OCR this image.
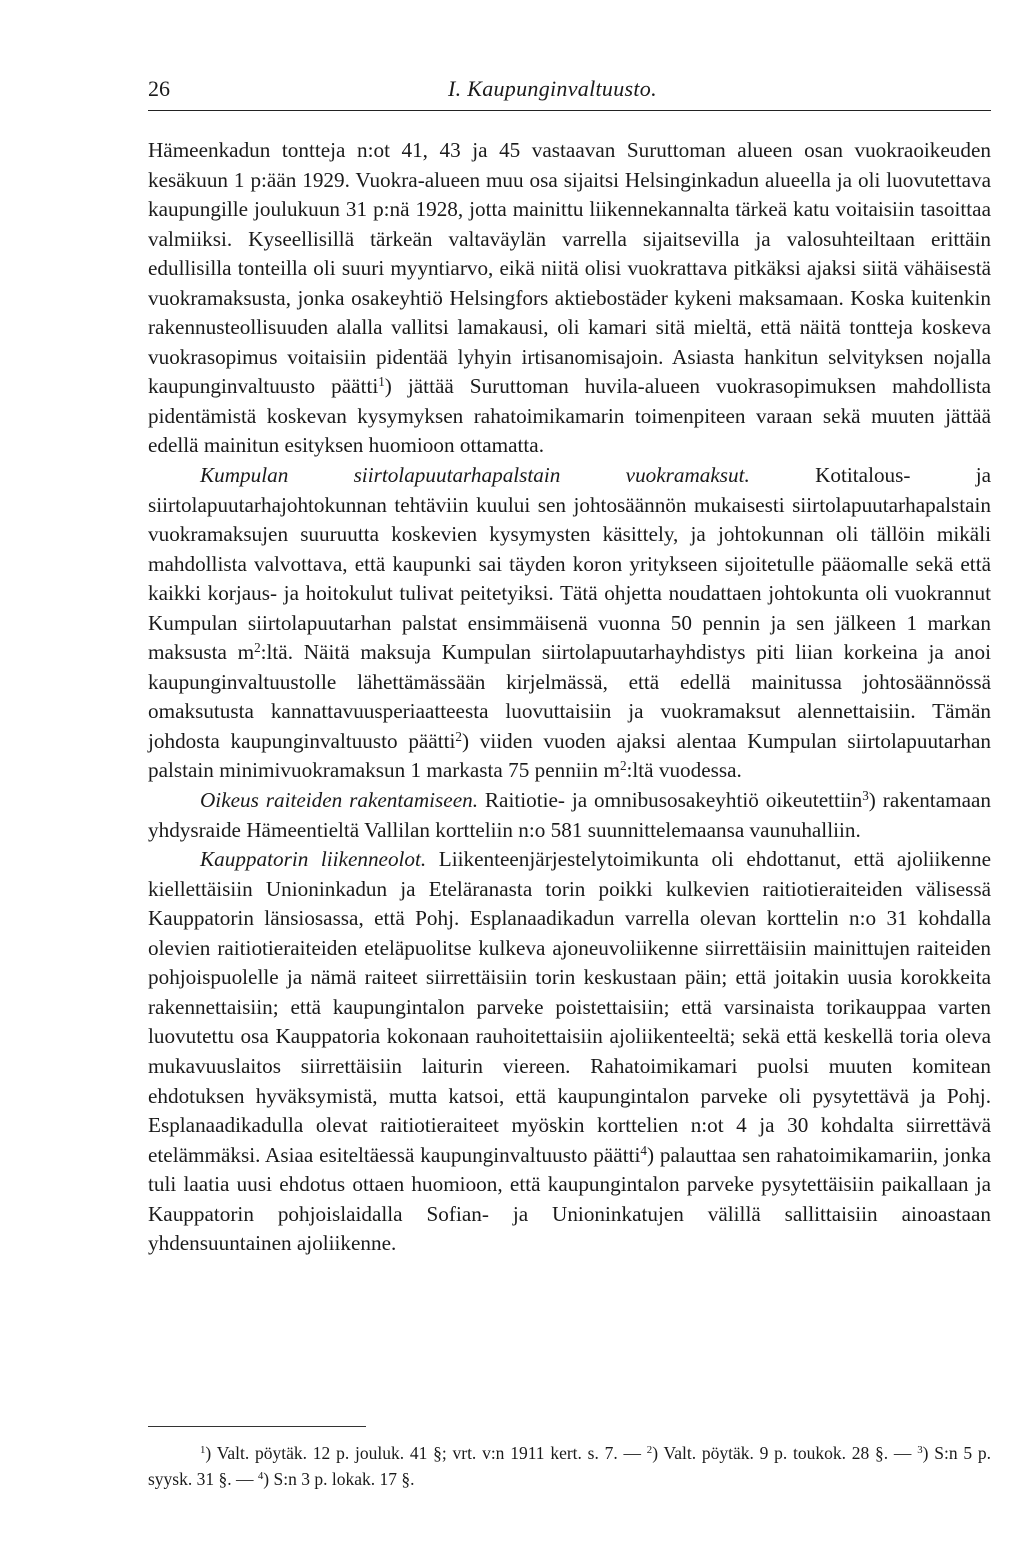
26	I. Kaupunginvaltuusto.

Hämeenkadun tontteja n:ot 41, 43 ja 45 vastaavan Suruttoman alueen osan vuokraoikeuden kesäkuun 1 p:ään 1929. Vuokra-alueen muu osa sijaitsi Helsinginkadun alueella ja oli luovutettava kaupungille joulukuun 31 p:nä 1928, jotta mainittu liikennekannalta tärkeä katu voitaisiin tasoittaa valmiiksi. Kyseellisillä tärkeän valtaväylän varrella sijaitsevilla ja valosuhteiltaan erittäin edullisilla tonteilla oli suuri myyntiarvo, eikä niitä olisi vuokrattava pitkäksi ajaksi siitä vähäisestä vuokramaksusta, jonka osakeyhtiö Helsingfors aktiebostäder kykeni maksamaan. Koska kuitenkin rakennusteollisuuden alalla vallitsi lamakausi, oli kamari sitä mieltä, että näitä tontteja koskeva vuokrasopimus voitaisiin pidentää lyhyin irtisanomisajoin. Asiasta hankitun selvityksen nojalla kaupunginvaltuusto päätti$^1$) jättää Suruttoman huvila-alueen vuokrasopimuksen mahdollista pidentämistä koskevan kysymyksen rahatoimikamarin toimenpiteen varaan sekä muuten jättää edellä mainitun esityksen huomioon ottamatta.

Kumpulan siirtolapuutarhapalstain vuokramaksut. Kotitalous- ja siirtolapuutarhajohtokunnan tehtäviin kuului sen johtosäännön mukaisesti siirtolapuutarhapalstain vuokramaksujen suuruutta koskevien kysymysten käsittely, ja johtokunnan oli tällöin mikäli mahdollista valvottava, että kaupunki sai täyden koron yritykseen sijoitetulle pääomalle sekä että kaikki korjaus- ja hoitokulut tulivat peitetyiksi. Tätä ohjetta noudattaen johtokunta oli vuokrannut Kumpulan siirtolapuutarhan palstat ensimmäisenä vuonna 50 pennin ja sen jälkeen 1 markan maksusta $m^2:ltä$. Näitä maksuja Kumpulan siirtolapuutarhayhdistys piti liian korkeina ja anoi kaupunginvaltuustolle lähettämässään kirjelmässä, että edellä mainitussa johtosäännössä omaksutusta kannattavuusperiaatteesta luovuttaisiin ja vuokramaksut alennettaisiin. Tämän johdosta kaupunginvaltuusto päätti$^2$) viiden vuoden ajaksi alentaa Kumpulan siirtolapuutarhan palstain minimivuokramaksun 1 markasta 75 penniin $m^2:ltä$ vuodessa.

Oikeus raiteiden rakentamiseen. Raitiotie- ja omnibusosakeyhtiö oikeutettiin$^3$) rakentamaan yhdysraide Hämeentieltä Vallilan kortteliin n:o 581 suunnittelemaansa vaunuhalliin.

Kauppatorin liikenneolot. Liikenteenjärjestelytoimikunta oli ehdottanut, että ajoliikenne kiellettäisiin Unioninkadun ja Eteläranasta torin poikki kulkevien raitiotieraiteiden välisessä Kauppatorin länsiosassa, että Pohj. Esplanaadikadun varrella olevan korttelin n:o 31 kohdalla olevien raitiotieraiteiden eteläpuolitse kulkeva ajoneuvoliikenne siirrettäisiin mainittujen raiteiden pohjoispuolelle ja nämä raiteet siirrettäisiin torin keskustaan päin; että joitakin uusia korokkeita rakennettaisiin; että kaupungintalon parveke poistettaisiin; että varsinaista torikauppaa varten luovutettu osa Kauppatoria kokonaan rauhoitettaisiin ajoliikenteeltä; sekä että keskellä toria oleva mukavuuslaitos siirrettäisiin laiturin viereen. Rahatoimikamari puolsi muuten komitean ehdotuksen hyväksymistä, mutta katsoi, että kaupungintalon parveke oli pysytettävä ja Pohj. Esplanaadikadulla olevat raitiotieraiteet myöskin korttelien n:ot 4 ja 30 kohdalta siirrettävä etelämmäksi. Asiaa esiteltäessä kaupunginvaltuusto päätti$^4$) palauttaa sen rahatoimikamariin, jonka tuli laatia uusi ehdotus ottaen huomioon, että kaupungintalon parveke pysytettäisiin paikallaan ja Kauppatorin pohjoislaidalla Sofian- ja Unioninkatujen välillä sallittaisiin ainoastaan yhdensuuntainen ajoliikenne.

$^1$) Valt. pöytäk. 12 p. jouluk. 41 §; vrt. v:n 1911 kert. s. 7. — $^2$) Valt. pöytäk. 9 p. toukok. 28 §. — $^3$) S:n 5 p. syysk. 31 §. — $^4$) S:n 3 p. lokak. 17 §.
